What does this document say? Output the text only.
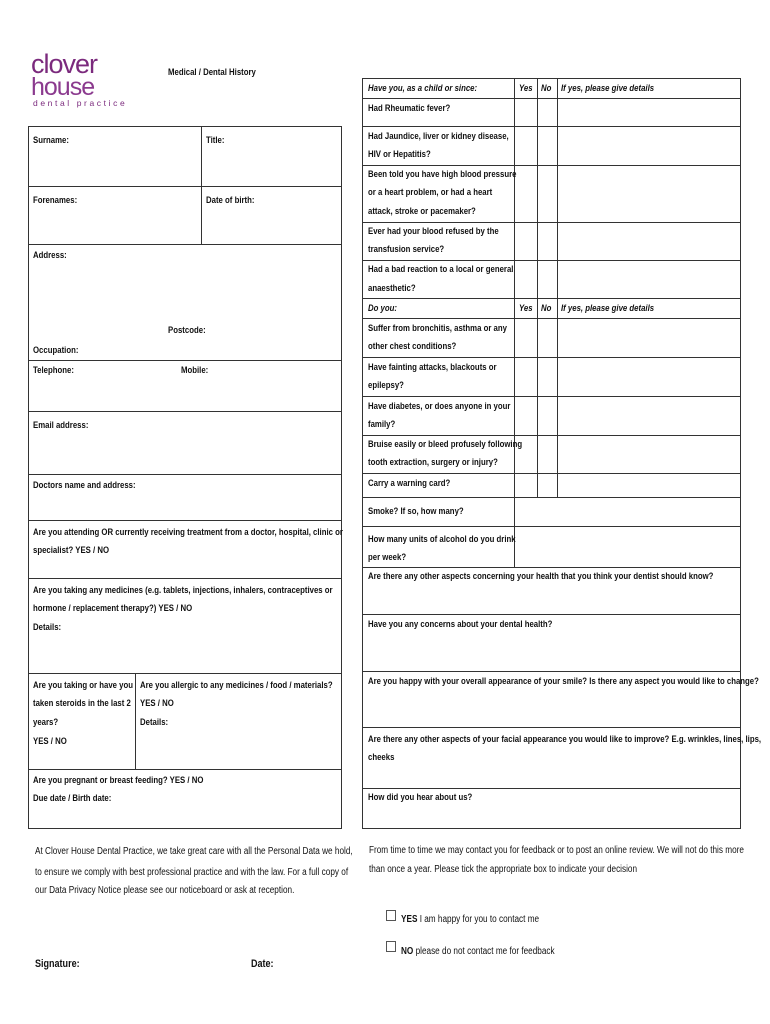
clover
house
dental practice
Medical / Dental History
Surname:	Title:
Forenames:	Date of birth:
Address:
Postcode:
Occupation:
Telephone:	Mobile:
Email address:
Doctors name and address:
Are you attending OR currently receiving treatment from a doctor, hospital, clinic or
specialist? YES / NO
Are you taking any medicines (e.g. tablets, injections, inhalers, contraceptives or
hormone / replacement therapy?) YES / NO
Details:
Are you taking or have you
taken steroids in the last 2
years?
YES / NO
Are you allergic to any medicines / food / materials?
YES / NO
Details:
Are you pregnant or breast feeding? YES / NO
Due date / Birth date:
Have you, as a child or since:	Yes No If yes, please give details
Had Rheumatic fever?
Had Jaundice, liver or kidney disease,
HIV or Hepatitis?
Been told you have high blood pressure
or a heart problem, or had a heart
attack, stroke or pacemaker?
Ever had your blood refused by the
transfusion service?
Had a bad reaction to a local or general
anaesthetic?
Do you:	Yes No If yes, please give details
Suffer from bronchitis, asthma or any
other chest conditions?
Have fainting attacks, blackouts or
epilepsy?
Have diabetes, or does anyone in your
family?
Bruise easily or bleed profusely following
tooth extraction, surgery or injury?
Carry a warning card?
Smoke? If so, how many?
How many units of alcohol do you drink
per week?
Are there any other aspects concerning your health that you think your dentist should know?
Have you any concerns about your dental health?
Are you happy with your overall appearance of your smile? Is there any aspect you would like to change?
Are there any other aspects of your facial appearance you would like to improve? E.g. wrinkles, lines, lips,
cheeks
How did you hear about us?
At Clover House Dental Practice, we take great care with all the Personal Data we hold,
to ensure we comply with best professional practice and with the law. For a full copy of
our Data Privacy Notice please see our noticeboard or ask at reception.
From time to time we may contact you for feedback or to post an online review. We will not do this more
than once a year. Please tick the appropriate box to indicate your decision
YES I am happy for you to contact me
NO please do not contact me for feedback
Signature:	Date:
